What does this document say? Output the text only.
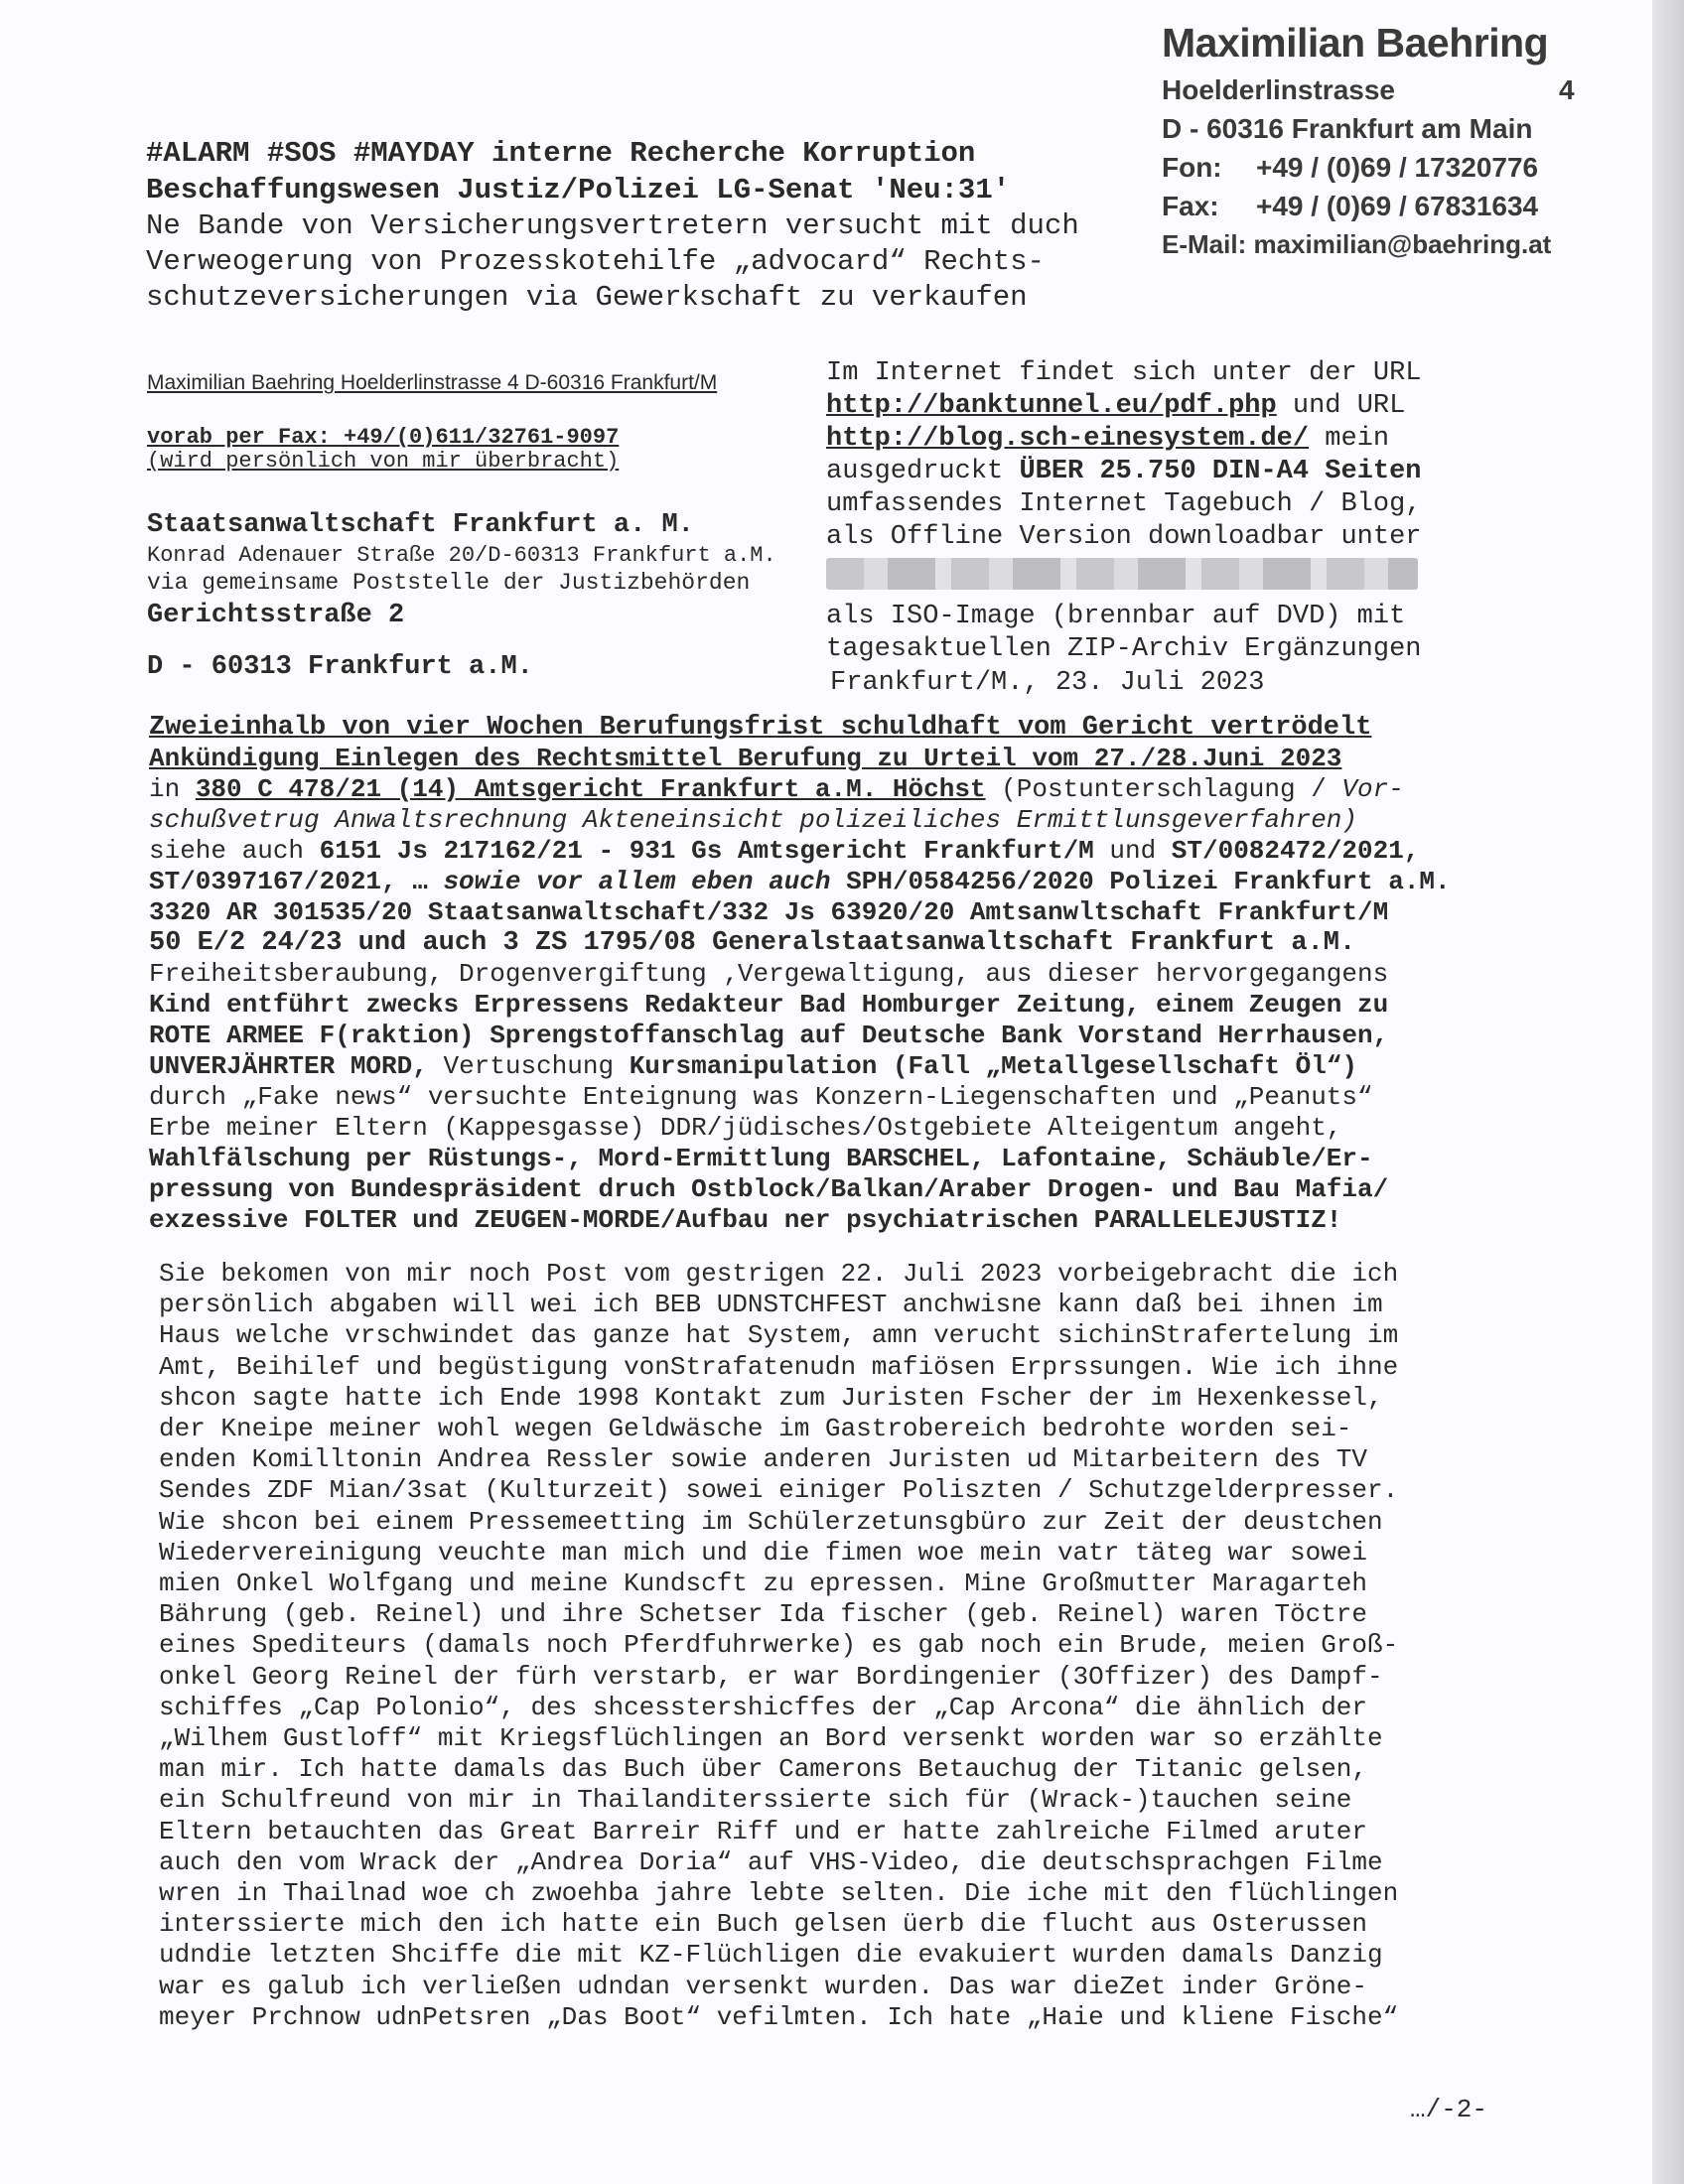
Maximilian Baehring
Hoelderlinstrasse	4
D - 60316 Frankfurt am Main
Fon:	+49 / (0)69 / 17320776
Fax:	+49 / (0)69 / 67831634
E-Mail: maximilian@baehring.at
#ALARM #SOS #MAYDAY interne Recherche Korruption
Beschaffungswesen Justiz/Polizei LG-Senat 'Neu:31'
Ne Bande von Versicherungsvertretern versucht mit duch
Verweogerung von Prozesskotehilfe „advocard“ Rechts-
schutzeversicherungen via Gewerkschaft zu verkaufen
Maximilian Baehring Hoelderlinstrasse 4 D-60316 Frankfurt/M
vorab per Fax: +49/(0)611/32761-9097
(wird persönlich von mir überbracht)
Staatsanwaltschaft Frankfurt a. M.
Konrad Adenauer Straße 20/D-60313 Frankfurt a.M.
via gemeinsame Poststelle der Justizbehörden
Gerichtsstraße 2
D - 60313 Frankfurt a.M.
Im Internet findet sich unter der URL
http://banktunnel.eu/pdf.php und URL
http://blog.sch-einesystem.de/ mein
ausgedruckt ÜBER 25.750 DIN-A4 Seiten
umfassendes Internet Tagebuch / Blog,
als Offline Version downloadbar unter
als ISO-Image (brennbar auf DVD) mit
tagesaktuellen ZIP-Archiv Ergänzungen
Frankfurt/M., 23. Juli 2023
Zweieinhalb von vier Wochen Berufungsfrist schuldhaft vom Gericht vertrödelt
Ankündigung Einlegen des Rechtsmittel Berufung zu Urteil vom 27./28.Juni 2023
in 380 C 478/21 (14) Amtsgericht Frankfurt a.M. Höchst (Postunterschlagung / Vor-
schußvetrug Anwaltsrechnung Akteneinsicht polizeiliches Ermittlunsgeverfahren)
siehe auch 6151 Js 217162/21 - 931 Gs Amtsgericht Frankfurt/M und ST/0082472/2021,
ST/0397167/2021, … sowie vor allem eben auch SPH/0584256/2020 Polizei Frankfurt a.M.
3320 AR 301535/20 Staatsanwaltschaft/332 Js 63920/20 Amtsanwltschaft Frankfurt/M
50 E/2 24/23 und auch 3 ZS 1795/08 Generalstaatsanwaltschaft Frankfurt a.M.
Freiheitsberaubung, Drogenvergiftung ‚Vergewaltigung, aus dieser hervorgegangens
Kind entführt zwecks Erpressens Redakteur Bad Homburger Zeitung, einem Zeugen zu
ROTE ARMEE F(raktion) Sprengstoffanschlag auf Deutsche Bank Vorstand Herrhausen,
UNVERJÄHRTER MORD, Vertuschung Kursmanipulation (Fall „Metallgesellschaft Öl“)
durch „Fake news“ versuchte Enteignung was Konzern-Liegenschaften und „Peanuts“
Erbe meiner Eltern (Kappesgasse) DDR/jüdisches/Ostgebiete Alteigentum angeht,
Wahlfälschung per Rüstungs-, Mord-Ermittlung BARSCHEL, Lafontaine, Schäuble/Er-
pressung von Bundespräsident druch Ostblock/Balkan/Araber Drogen- und Bau Mafia/
exzessive FOLTER und ZEUGEN-MORDE/Aufbau ner psychiatrischen PARALLELEJUSTIZ!
Sie bekomen von mir noch Post vom gestrigen 22. Juli 2023 vorbeigebracht die ich
persönlich abgaben will wei ich BEB UDNSTCHFEST anchwisne kann daß bei ihnen im
Haus welche vrschwindet das ganze hat System, amn verucht sichinStrafertelung im
Amt, Beihilef und begüstigung vonStrafatenudn mafiösen Erprssungen. Wie ich ihne
shcon sagte hatte ich Ende 1998 Kontakt zum Juristen Fscher der im Hexenkessel,
der Kneipe meiner wohl wegen Geldwäsche im Gastrobereich bedrohte worden sei-
enden Komilltonin Andrea Ressler sowie anderen Juristen ud Mitarbeitern des TV
Sendes ZDF Mian/3sat (Kulturzeit) sowei einiger Poliszten / Schutzgelderpresser.
Wie shcon bei einem Pressemeetting im Schülerzetunsgbüro zur Zeit der deustchen
Wiedervereinigung veuchte man mich und die fimen woe mein vatr täteg war sowei
mien Onkel Wolfgang und meine Kundscft zu epressen. Mine Großmutter Maragarteh
Bährung (geb. Reinel) und ihre Schetser Ida fischer (geb. Reinel) waren Töctre
eines Spediteurs (damals noch Pferdfuhrwerke) es gab noch ein Brude, meien Groß-
onkel Georg Reinel der fürh verstarb, er war Bordingenier (3Offizer) des Dampf-
schiffes „Cap Polonio“, des shcesstershicffes der „Cap Arcona“ die ähnlich der
„Wilhem Gustloff“ mit Kriegsflüchlingen an Bord versenkt worden war so erzählte
man mir. Ich hatte damals das Buch über Camerons Betauchug der Titanic gelsen,
ein Schulfreund von mir in Thailanditerssierte sich für (Wrack-)tauchen seine
Eltern betauchten das Great Barreir Riff und er hatte zahlreiche Filmed aruter
auch den vom Wrack der „Andrea Doria“ auf VHS-Video, die deutschsprachgen Filme
wren in Thailnad woe ch zwoehba jahre lebte selten. Die iche mit den flüchlingen
interssierte mich den ich hatte ein Buch gelsen üerb die flucht aus Osterussen
udndie letzten Shciffe die mit KZ-Flüchligen die evakuiert wurden damals Danzig
war es galub ich verließen udndan versenkt wurden. Das war dieZet inder Gröne-
meyer Prchnow udnPetsren „Das Boot“ vefilmten. Ich hate „Haie und kliene Fische“
…/-2-
